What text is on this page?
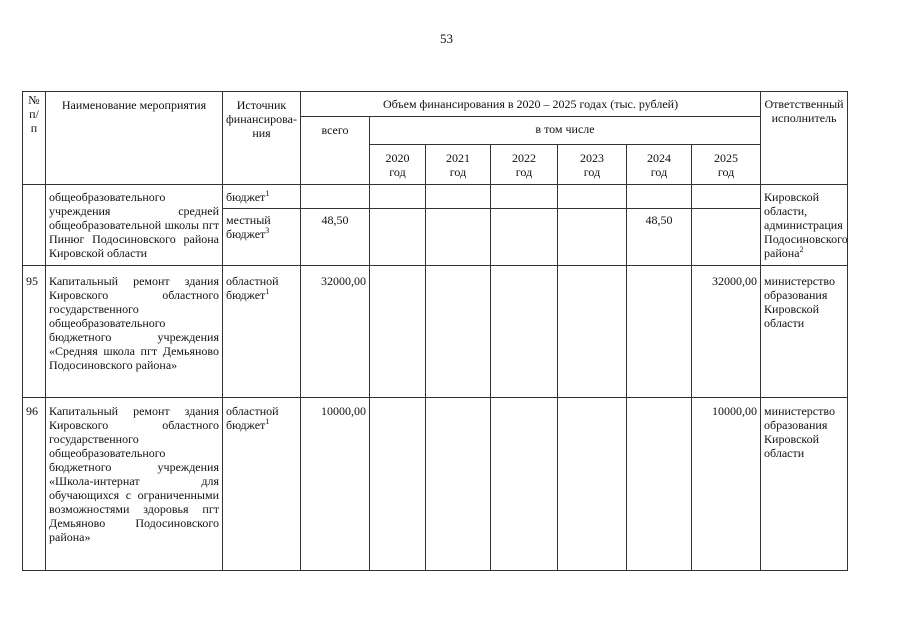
53
№ п/п	Наименование мероприятия	Источник финансирова-ния	Объем финансирования в 2020 – 2025 годах (тыс. рублей)							Ответственный исполнитель
			всего	в том числе						
				2020 год	2021 год	2022 год	2023 год	2024 год	2025 год	
	общеобразовательного учреждения средней общеобразовательной школы пгт Пинюг Подосиновского района Кировской области	бюджет$^1$								Кировской области, администрация Подосиновского района$^2$
		местный бюджет$^3$	48,50					48,50		
95	Капитальный ремонт здания Кировского областного государственного общеобразовательного бюджетного учреждения «Средняя школа пгт Демьяново Подосиновского района»	областной бюджет$^1$	32000,00						32000,00	министерство образования Кировской области
96	Капитальный ремонт здания Кировского областного государственного общеобразовательного бюджетного учреждения «Школа-интернат для обучающихся с ограниченными возможностями здоровья пгт Демьяново Подосиновского района»	областной бюджет$^1$	10000,00						10000,00	министерство образования Кировской области
